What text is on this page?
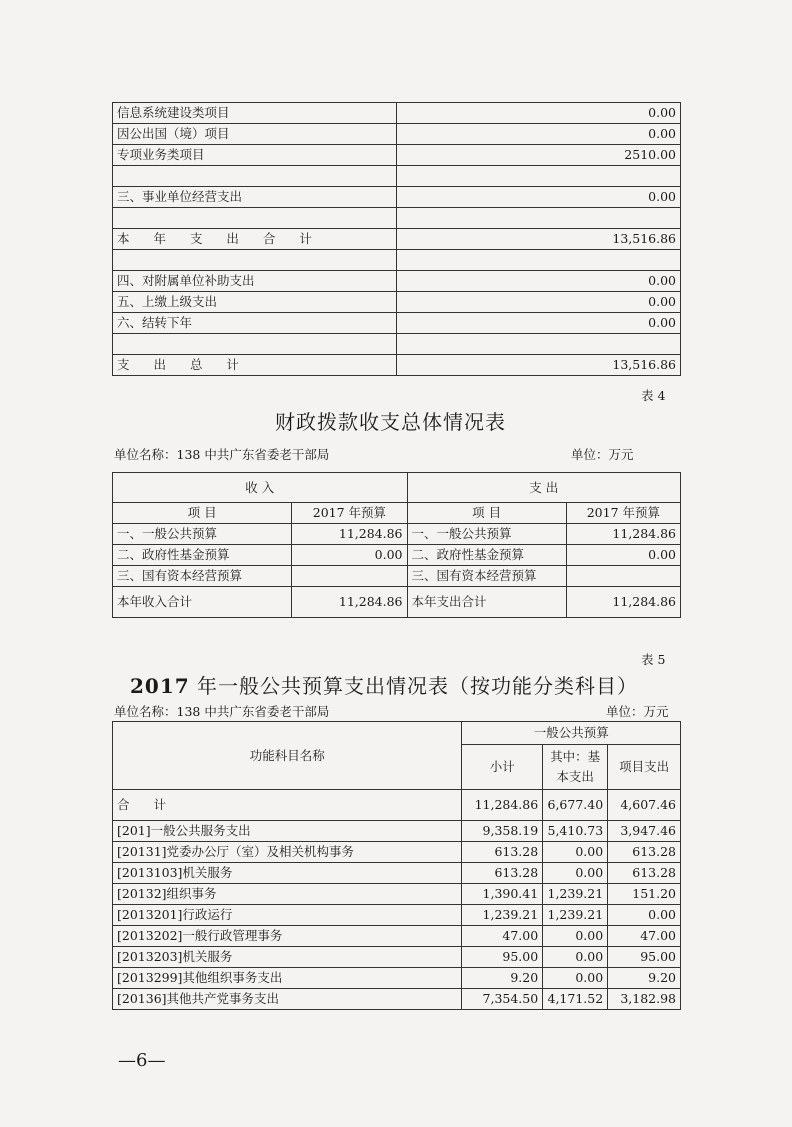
信息系统建设类项目	0.00
因公出国（境）项目	0.00
专项业务类项目	2510.00

三、事业单位经营支出	0.00

本 年 支 出 合 计	13,516.86

四、对附属单位补助支出	0.00
五、上缴上级支出	0.00
六、结转下年	0.00

支 出 总 计	13,516.86
表 4
财政拨款收支总体情况表
单位名称：138 中共广东省委老干部局	单位：万元
收 入		支 出	
项 目	2017 年预算	项 目	2017 年预算
一、一般公共预算	11,284.86	一、一般公共预算	11,284.86
二、政府性基金预算	0.00	二、政府性基金预算	0.00
三、国有资本经营预算		三、国有资本经营预算	
本年收入合计	11,284.86	本年支出合计	11,284.86
表 5
2017 年一般公共预算支出情况表（按功能分类科目）
单位名称：138 中共广东省委老干部局	单位：万元
功能科目名称	一般公共预算		
	小计	其中：基本支出	项目支出
合 计	11,284.86	6,677.40	4,607.46
[201]一般公共服务支出	9,358.19	5,410.73	3,947.46
[20131]党委办公厅（室）及相关机构事务	613.28	0.00	613.28
[2013103]机关服务	613.28	0.00	613.28
[20132]组织事务	1,390.41	1,239.21	151.20
[2013201]行政运行	1,239.21	1,239.21	0.00
[2013202]一般行政管理事务	47.00	0.00	47.00
[2013203]机关服务	95.00	0.00	95.00
[2013299]其他组织事务支出	9.20	0.00	9.20
[20136]其他共产党事务支出	7,354.50	4,171.52	3,182.98
—6—
